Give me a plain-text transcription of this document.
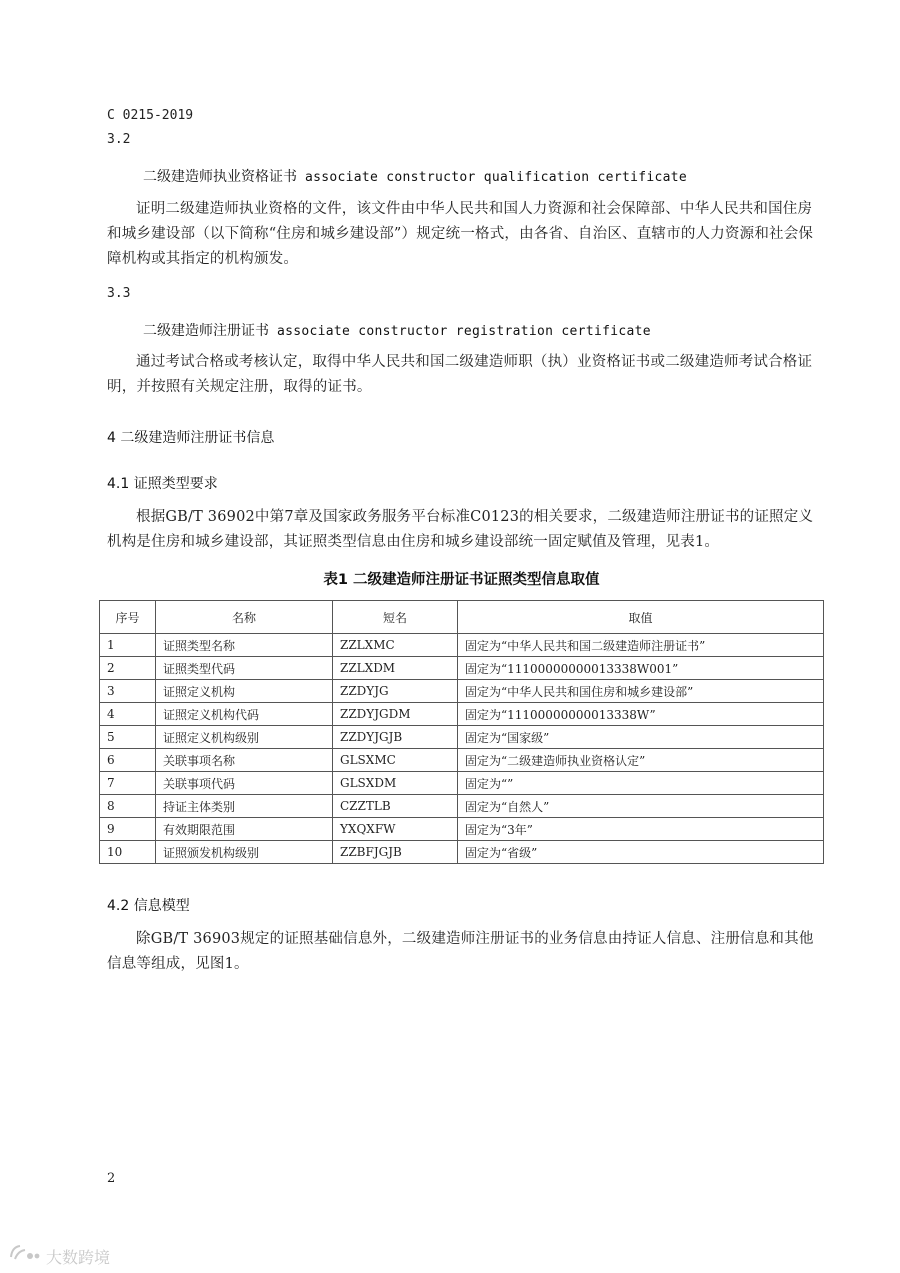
C 0215-2019
3.2
二级建造师执业资格证书 associate constructor qualification certificate
证明二级建造师执业资格的文件，该文件由中华人民共和国人力资源和社会保障部、中华人民共和国住房和城乡建设部（以下简称“住房和城乡建设部”）规定统一格式，由各省、自治区、直辖市的人力资源和社会保障机构或其指定的机构颁发。
3.3
二级建造师注册证书 associate constructor registration certificate
通过考试合格或考核认定，取得中华人民共和国二级建造师职（执）业资格证书或二级建造师考试合格证明，并按照有关规定注册，取得的证书。
4 二级建造师注册证书信息
4.1 证照类型要求
根据GB/T 36902中第7章及国家政务服务平台标准C0123的相关要求，二级建造师注册证书的证照定义机构是住房和城乡建设部，其证照类型信息由住房和城乡建设部统一固定赋值及管理，见表1。
表1 二级建造师注册证书证照类型信息取值
序号	名称	短名	取值
1	证照类型名称	ZZLXMC	固定为“中华人民共和国二级建造师注册证书”
2	证照类型代码	ZZLXDM	固定为“11100000000013338W001”
3	证照定义机构	ZZDYJG	固定为“中华人民共和国住房和城乡建设部”
4	证照定义机构代码	ZZDYJGDM	固定为“11100000000013338W”
5	证照定义机构级别	ZZDYJGJB	固定为“国家级”
6	关联事项名称	GLSXMC	固定为“二级建造师执业资格认定”
7	关联事项代码	GLSXDM	固定为“”
8	持证主体类别	CZZTLB	固定为“自然人”
9	有效期限范围	YXQXFW	固定为“3年”
10	证照颁发机构级别	ZZBFJGJB	固定为“省级”
4.2 信息模型
除GB/T 36903规定的证照基础信息外，二级建造师注册证书的业务信息由持证人信息、注册信息和其他信息等组成，见图1。
2
大数跨境
